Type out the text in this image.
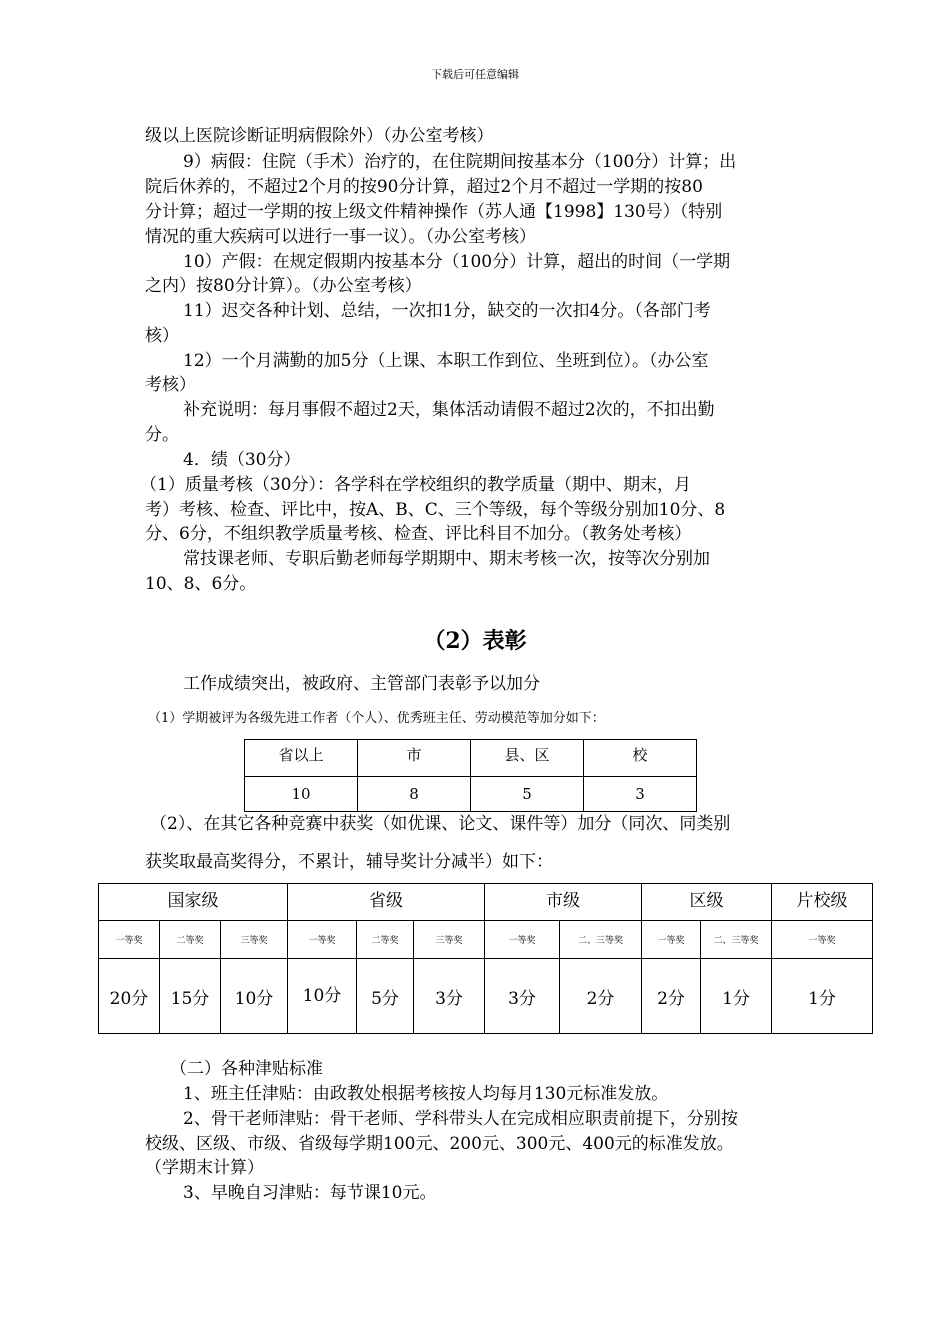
下载后可任意编辑
级以上医院诊断证明病假除外）（办公室考核）
9）病假：住院（手术）治疗的，在住院期间按基本分（100分）计算；出
院后休养的，不超过2个月的按90分计算，超过2个月不超过一学期的按80
分计算；超过一学期的按上级文件精神操作（苏人通【1998】130号）（特别
情况的重大疾病可以进行一事一议）。（办公室考核）
10）产假：在规定假期内按基本分（100分）计算，超出的时间（一学期
之内）按80分计算）。（办公室考核）
11）迟交各种计划、总结，一次扣1分，缺交的一次扣4分。（各部门考
核）
12）一个月满勤的加5分（上课、本职工作到位、坐班到位）。（办公室
考核）
补充说明：每月事假不超过2天，集体活动请假不超过2次的，不扣出勤
分。
4．绩（30分）
（1）质量考核（30分）：各学科在学校组织的教学质量（期中、期末，月
考）考核、检查、评比中，按A、B、C、三个等级，每个等级分别加10分、8
分、6分，不组织教学质量考核、检查、评比科目不加分。（教务处考核）
常技课老师、专职后勤老师每学期期中、期末考核一次，按等次分别加
10、8、6分。
（2）表彰
工作成绩突出，被政府、主管部门表彰予以加分
（1）学期被评为各级先进工作者（个人）、优秀班主任、劳动模范等加分如下：
省以上	市	县、区	校
10	8	5	3
（2）、在其它各种竞赛中获奖（如优课、论文、课件等）加分（同次、同类别
获奖取最高奖得分，不累计，辅导奖计分减半）如下：
国家级			省级			市级		区级		片校级
一等奖	二等奖	三等奖	一等奖	二等奖	三等奖	一等奖	二、三等奖	一等奖	二、三等奖	一等奖
20分	15分	10分	10分	5分	3分	3分	2分	2分	1分	1分
（二）各种津贴标准
1、班主任津贴：由政教处根据考核按人均每月130元标准发放。
2、骨干老师津贴：骨干老师、学科带头人在完成相应职责前提下，分别按
校级、区级、市级、省级每学期100元、200元、300元、400元的标准发放。
（学期末计算）
3、早晚自习津贴：每节课10元。
